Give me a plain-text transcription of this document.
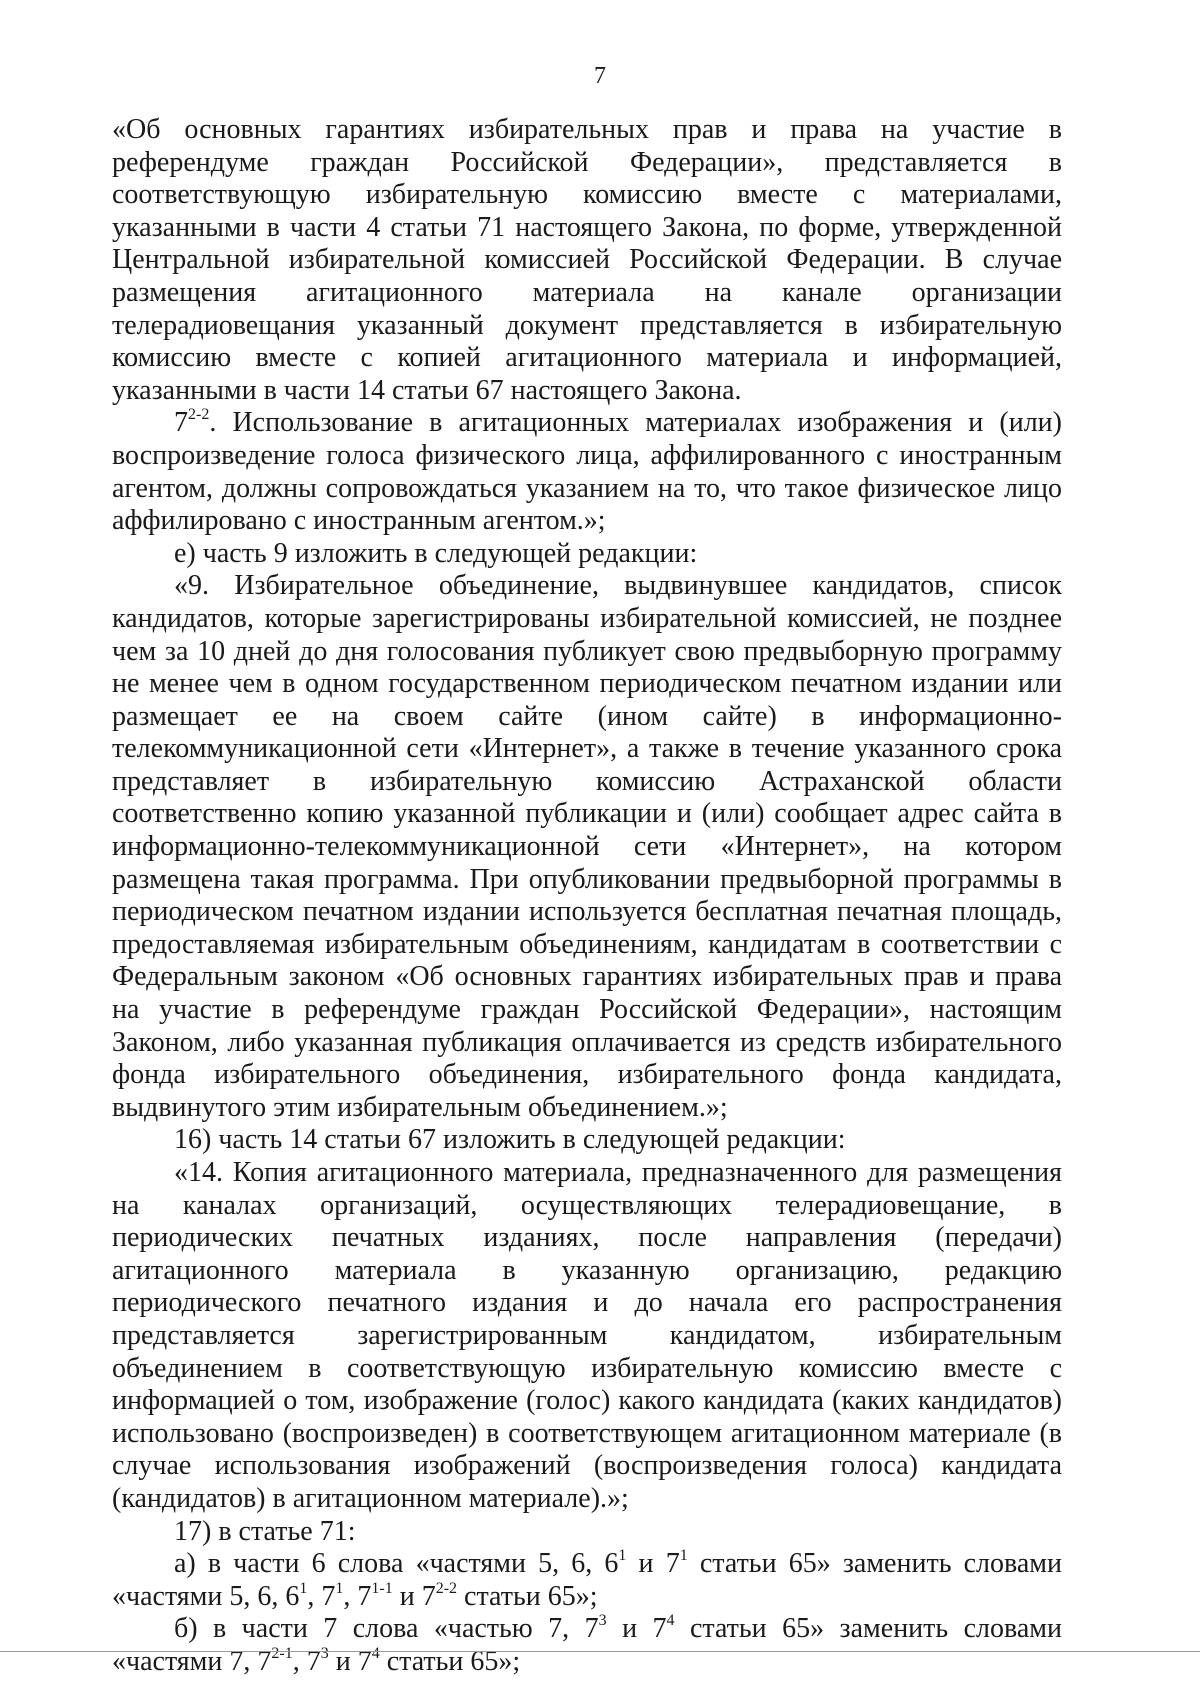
7

«Об основных гарантиях избирательных прав и права на участие в референдуме граждан Российской Федерации», представляется в соответствующую избирательную комиссию вместе с материалами, указанными в части 4 статьи 71 настоящего Закона, по форме, утвержденной Центральной избирательной комиссией Российской Федерации. В случае размещения агитационного материала на канале организации телерадиовещания указанный документ представляется в избирательную комиссию вместе с копией агитационного материала и информацией, указанными в части 14 статьи 67 настоящего Закона.

7$^{2-2}$. Использование в агитационных материалах изображения и (или) воспроизведение голоса физического лица, аффилированного с иностранным агентом, должны сопровождаться указанием на то, что такое физическое лицо аффилировано с иностранным агентом.»;

е) часть 9 изложить в следующей редакции:

«9. Избирательное объединение, выдвинувшее кандидатов, список кандидатов, которые зарегистрированы избирательной комиссией, не позднее чем за 10 дней до дня голосования публикует свою предвыборную программу не менее чем в одном государственном периодическом печатном издании или размещает ее на своем сайте (ином сайте) в информационно-телекоммуникационной сети «Интернет», а также в течение указанного срока представляет в избирательную комиссию Астраханской области соответственно копию указанной публикации и (или) сообщает адрес сайта в информационно-телекоммуникационной сети «Интернет», на котором размещена такая программа. При опубликовании предвыборной программы в периодическом печатном издании используется бесплатная печатная площадь, предоставляемая избирательным объединениям, кандидатам в соответствии с Федеральным законом «Об основных гарантиях избирательных прав и права на участие в референдуме граждан Российской Федерации», настоящим Законом, либо указанная публикация оплачивается из средств избирательного фонда избирательного объединения, избирательного фонда кандидата, выдвинутого этим избирательным объединением.»;

16) часть 14 статьи 67 изложить в следующей редакции:

«14. Копия агитационного материала, предназначенного для размещения на каналах организаций, осуществляющих телерадиовещание, в периодических печатных изданиях, после направления (передачи) агитационного материала в указанную организацию, редакцию периодического печатного издания и до начала его распространения представляется зарегистрированным кандидатом, избирательным объединением в соответствующую избирательную комиссию вместе с информацией о том, изображение (голос) какого кандидата (каких кандидатов) использовано (воспроизведен) в соответствующем агитационном материале (в случае использования изображений (воспроизведения голоса) кандидата (кандидатов) в агитационном материале).»;

17) в статье 71:

а) в части 6 слова «частями 5, 6, $6^1$ и $7^1$ статьи 65» заменить словами «частями 5, 6, $6^1$, $7^1$, 7$^{1-1}$ и 7$^{2-2}$ статьи 65»;

б) в части 7 слова «частью 7, $7^3$ и $7^4$ статьи 65» заменить словами «частями 7, 7$^{2-1}$, $7^3$ и $7^4$ статьи 65»;
